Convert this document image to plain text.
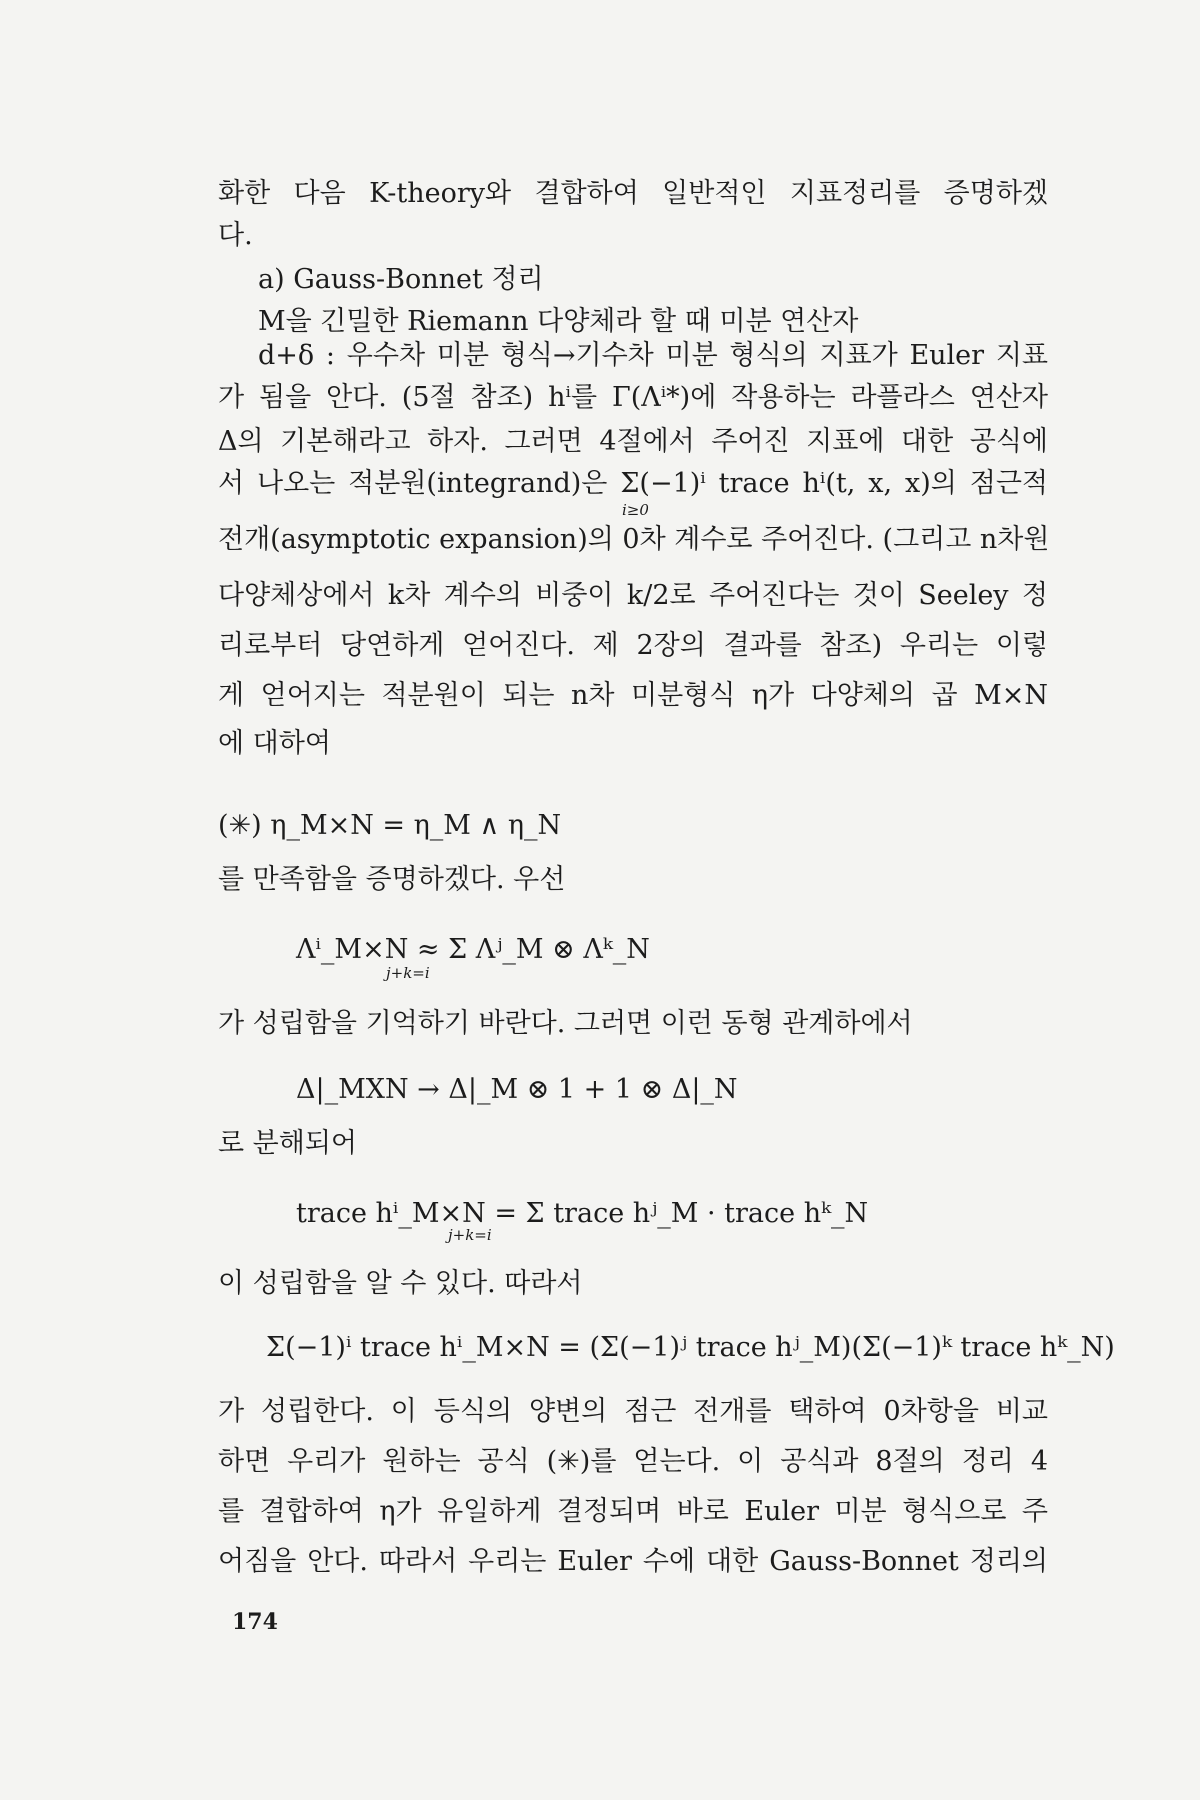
화한 다음 K-theory와 결합하여 일반적인 지표정리를 증명하겠
다.
a) Gauss-Bonnet 정리
M을 긴밀한 Riemann 다양체라 할 때 미분 연산자
d+δ : 우수차 미분 형식→기수차 미분 형식의 지표가 Euler 지표
가 됨을 안다. (5절 참조) hⁱ를 Γ(Λⁱ*)에 작용하는 라플라스 연산자
Δ의 기본해라고 하자. 그러면 4절에서 주어진 지표에 대한 공식에
서 나오는 적분원(integrand)은 Σ(−1)ⁱ trace hⁱ(t, x, x)의 점근적
i≥0
전개(asymptotic expansion)의 0차 계수로 주어진다. (그리고 n차원
다양체상에서 k차 계수의 비중이 k/2로 주어진다는 것이 Seeley 정
리로부터 당연하게 얻어진다. 제 2장의 결과를 참조) 우리는 이렇
게 얻어지는 적분원이 되는 n차 미분형식 η가 다양체의 곱 M×N
에 대하여
(✳) η_M×N = η_M ∧ η_N
를 만족함을 증명하겠다. 우선
Λⁱ_M×N ≈ Σ Λʲ_M ⊗ Λᵏ_N
j+k=i
가 성립함을 기억하기 바란다. 그러면 이런 동형 관계하에서
Δ|_MXN → Δ|_M ⊗ 1 + 1 ⊗ Δ|_N
로 분해되어
trace hⁱ_M×N = Σ trace hʲ_M · trace hᵏ_N
j+k=i
이 성립함을 알 수 있다. 따라서
Σ(−1)ⁱ trace hⁱ_M×N = (Σ(−1)ʲ trace hʲ_M)(Σ(−1)ᵏ trace hᵏ_N)
가 성립한다. 이 등식의 양변의 점근 전개를 택하여 0차항을 비교
하면 우리가 원하는 공식 (✳)를 얻는다. 이 공식과 8절의 정리 4
를 결합하여 η가 유일하게 결정되며 바로 Euler 미분 형식으로 주
어짐을 안다. 따라서 우리는 Euler 수에 대한 Gauss-Bonnet 정리의
174
